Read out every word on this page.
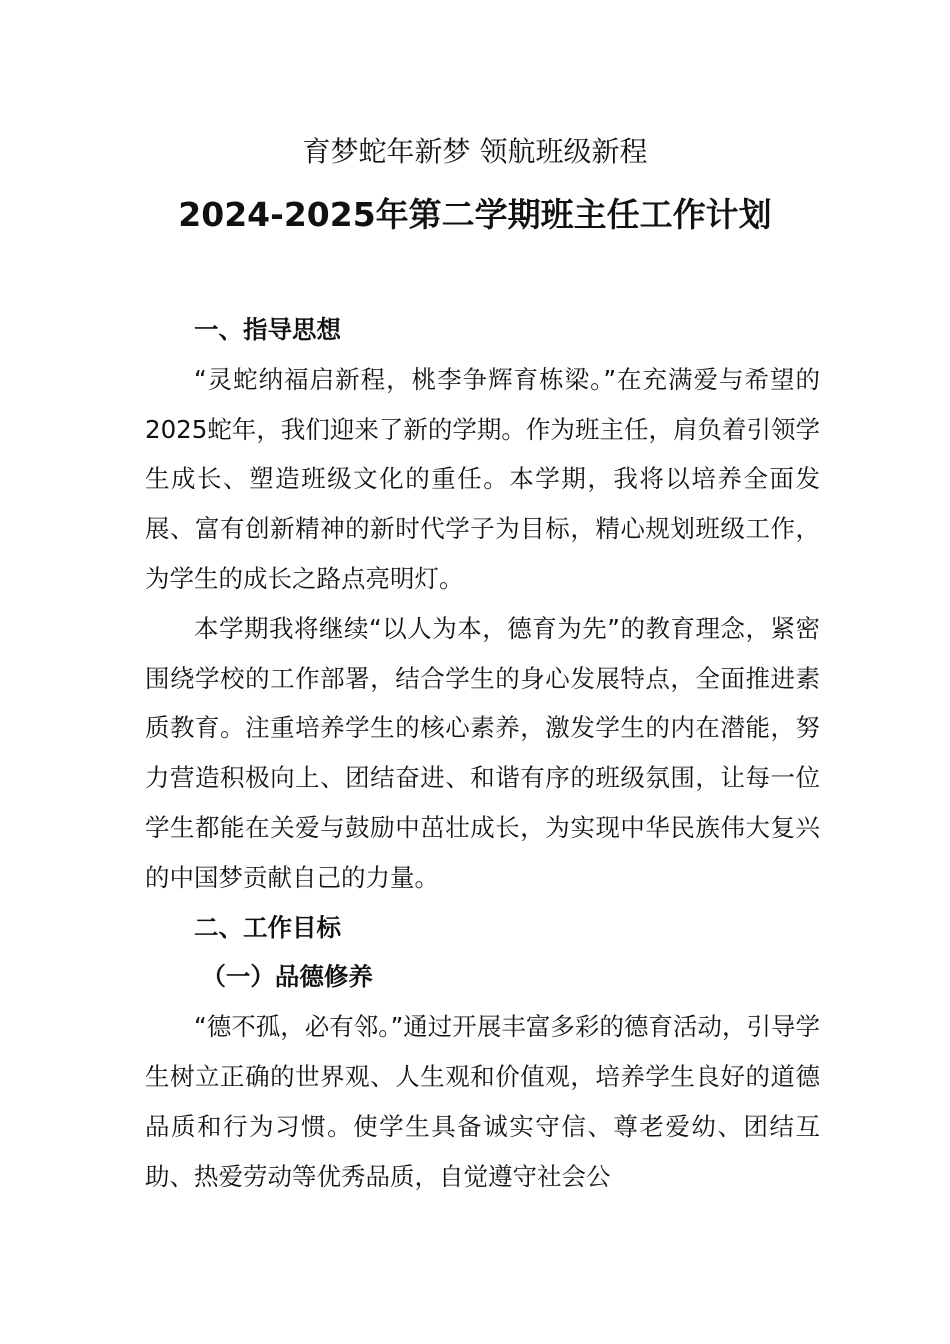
育梦蛇年新梦 领航班级新程
2024-2025年第二学期班主任工作计划

一、指导思想

“灵蛇纳福启新程，桃李争辉育栋梁。”在充满爱与希望的2025蛇年，我们迎来了新的学期。作为班主任，肩负着引领学生成长、塑造班级文化的重任。本学期，我将以培养全面发展、富有创新精神的新时代学子为目标，精心规划班级工作，为学生的成长之路点亮明灯。

本学期我将继续“以人为本，德育为先”的教育理念，紧密围绕学校的工作部署，结合学生的身心发展特点，全面推进素质教育。注重培养学生的核心素养，激发学生的内在潜能，努力营造积极向上、团结奋进、和谐有序的班级氛围，让每一位学生都能在关爱与鼓励中茁壮成长，为实现中华民族伟大复兴的中国梦贡献自己的力量。

二、工作目标

（一）品德修养

“德不孤，必有邻。”通过开展丰富多彩的德育活动，引导学生树立正确的世界观、人生观和价值观，培养学生良好的道德品质和行为习惯。使学生具备诚实守信、尊老爱幼、团结互助、热爱劳动等优秀品质，自觉遵守社会公
